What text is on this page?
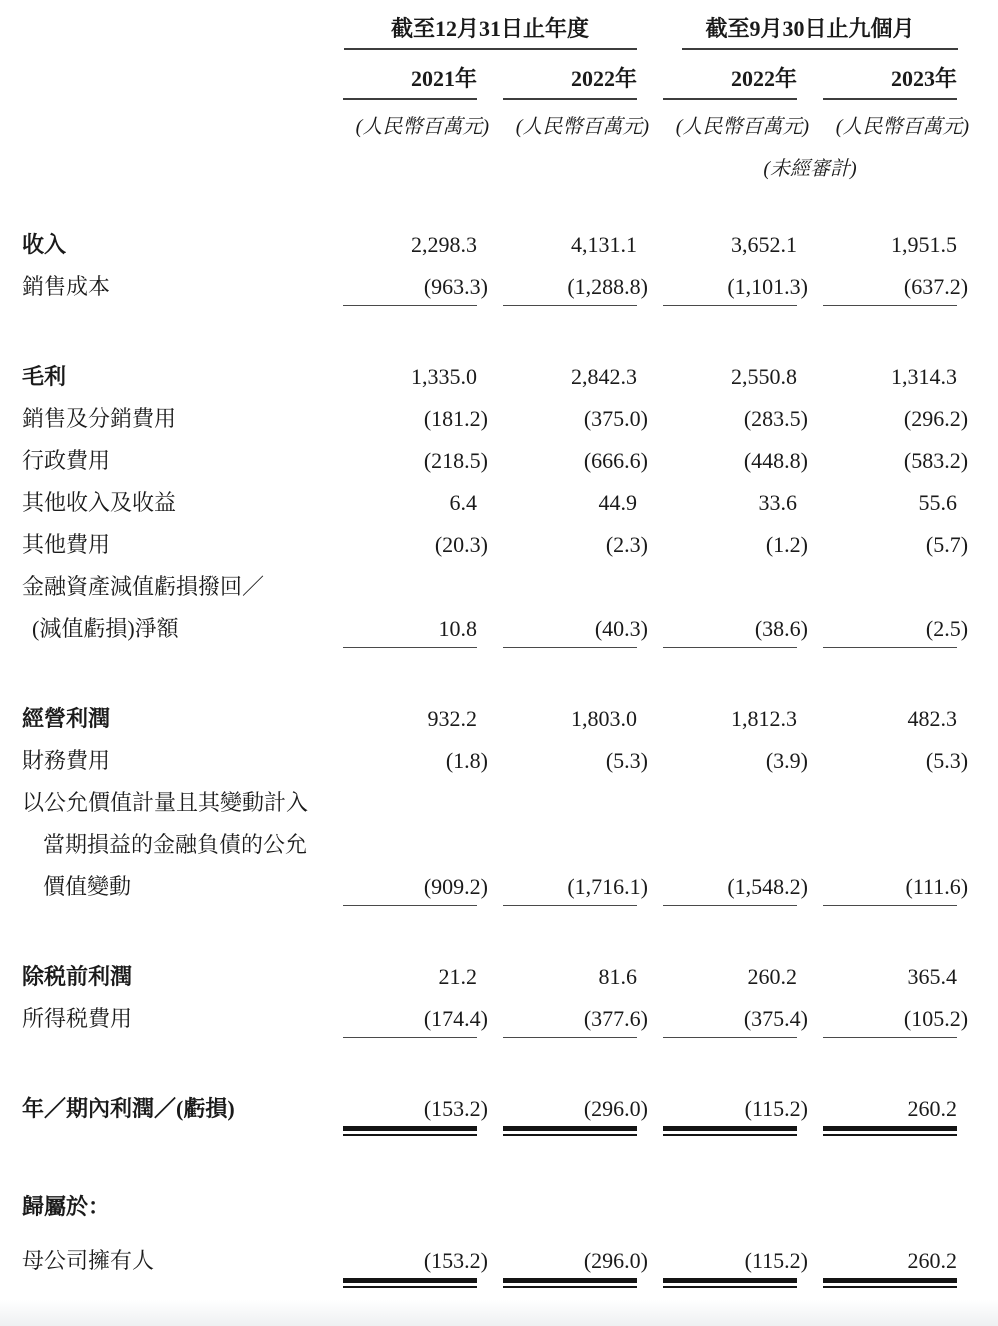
	截至12月31日止年度		截至9月30日止九個月	

	2021年	2022年	2022年	2023年

	(人民幣百萬元)	(人民幣百萬元)	(人民幣百萬元)	(人民幣百萬元)
			(未經審計)	
收入	2,298.3	4,131.1	3,652.1	1,951.5

銷售成本	(963.3)	(1,288.8)	(1,101.3)	(637.2)

毛利	1,335.0	2,842.3	2,550.8	1,314.3

銷售及分銷費用	(181.2)	(375.0)	(283.5)	(296.2)

行政費用	(218.5)	(666.6)	(448.8)	(583.2)

其他收入及收益	6.4	44.9	33.6	55.6

其他費用	(20.3)	(2.3)	(1.2)	(5.7)

金融資產減值虧損撥回／				
(減值虧損)淨額	10.8	(40.3)	(38.6)	(2.5)

經營利潤	932.2	1,803.0	1,812.3	482.3

財務費用	(1.8)	(5.3)	(3.9)	(5.3)

以公允價值計量且其變動計入				
當期損益的金融負債的公允				
價值變動	(909.2)	(1,716.1)	(1,548.2)	(111.6)

除税前利潤	21.2	81.6	260.2	365.4

所得税費用	(174.4)	(377.6)	(375.4)	(105.2)

年／期內利潤／(虧損)	(153.2)	(296.0)	(115.2)	260.2

歸屬於：				
母公司擁有人	(153.2)	(296.0)	(115.2)	260.2
